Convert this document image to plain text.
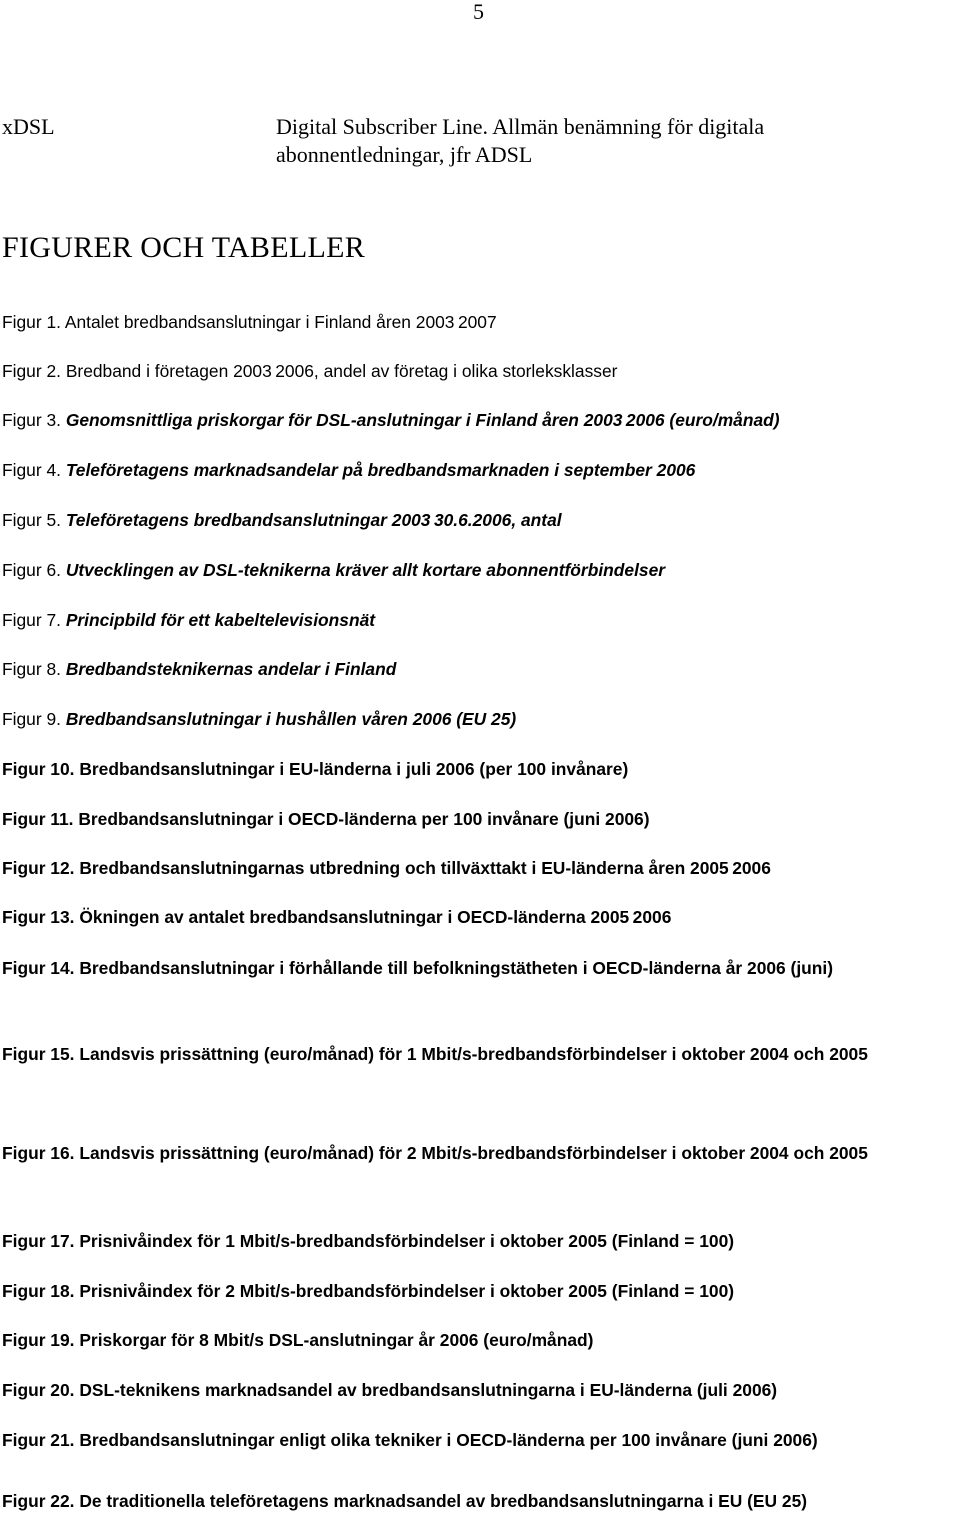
5
xDSL	Digital Subscriber Line. Allmän benämning för digitala abonnentledningar, jfr ADSL
FIGURER OCH TABELLER
Figur 1. Antalet bredbandsanslutningar i Finland åren 2003 2007
Figur 2. Bredband i företagen 2003 2006, andel av företag i olika storleksklasser
Figur 3. Genomsnittliga priskorgar för DSL-anslutningar i Finland åren 2003 2006 (euro/månad)
Figur 4. Teleföretagens marknadsandelar på bredbandsmarknaden i september 2006
Figur 5. Teleföretagens bredbandsanslutningar 2003 30.6.2006, antal
Figur 6. Utvecklingen av DSL-teknikerna kräver allt kortare abonnentförbindelser
Figur 7. Principbild för ett kabeltelevisionsnät
Figur 8. Bredbandsteknikernas andelar i Finland
Figur 9. Bredbandsanslutningar i hushållen våren 2006 (EU 25)
Figur 10. Bredbandsanslutningar i EU-länderna i juli 2006 (per 100 invånare)
Figur 11. Bredbandsanslutningar i OECD-länderna per 100 invånare (juni 2006)
Figur 12. Bredbandsanslutningarnas utbredning och tillväxttakt i EU-länderna åren 2005 2006
Figur 13. Ökningen av antalet bredbandsanslutningar i OECD-länderna 2005 2006
Figur 14. Bredbandsanslutningar i förhållande till befolkningstätheten i OECD-länderna år 2006 (juni)
Figur 15. Landsvis prissättning (euro/månad) för 1 Mbit/s-bredbandsförbindelser i oktober 2004 och 2005
Figur 16. Landsvis prissättning (euro/månad) för 2 Mbit/s-bredbandsförbindelser i oktober 2004 och 2005
Figur 17. Prisnivåindex för 1 Mbit/s-bredbandsförbindelser i oktober 2005 (Finland = 100)
Figur 18. Prisnivåindex för 2 Mbit/s-bredbandsförbindelser i oktober 2005 (Finland = 100)
Figur 19. Priskorgar för 8 Mbit/s DSL-anslutningar år 2006 (euro/månad)
Figur 20. DSL-teknikens marknadsandel av bredbandsanslutningarna i EU-länderna (juli 2006)
Figur 21. Bredbandsanslutningar enligt olika tekniker i OECD-länderna per 100 invånare (juni 2006)
Figur 22. De traditionella teleföretagens marknadsandel av bredbandsanslutningarna i EU (EU 25)
